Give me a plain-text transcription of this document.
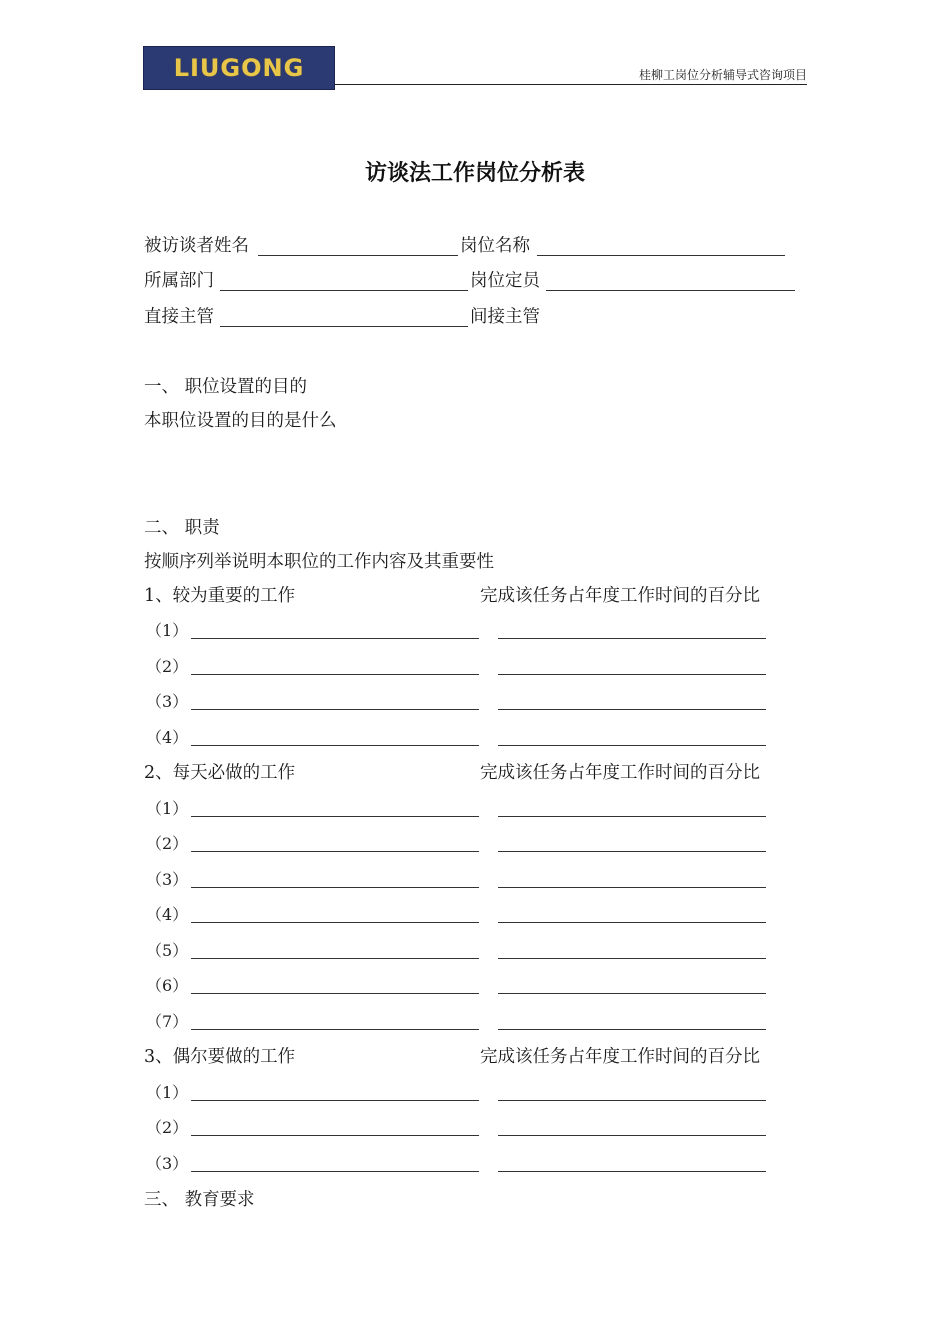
LIUGONG	桂柳工岗位分析辅导式咨询项目
访谈法工作岗位分析表
被访谈者姓名	岗位名称
所属部门	岗位定员
直接主管	间接主管
一、 职位设置的目的
本职位设置的目的是什么
二、 职责
按顺序列举说明本职位的工作内容及其重要性
1、较为重要的工作	完成该任务占年度工作时间的百分比
（1）
（2）
（3）
（4）
2、每天必做的工作	完成该任务占年度工作时间的百分比
（1）
（2）
（3）
（4）
（5）
（6）
（7）
3、偶尔要做的工作	完成该任务占年度工作时间的百分比
（1）
（2）
（3）
三、 教育要求
